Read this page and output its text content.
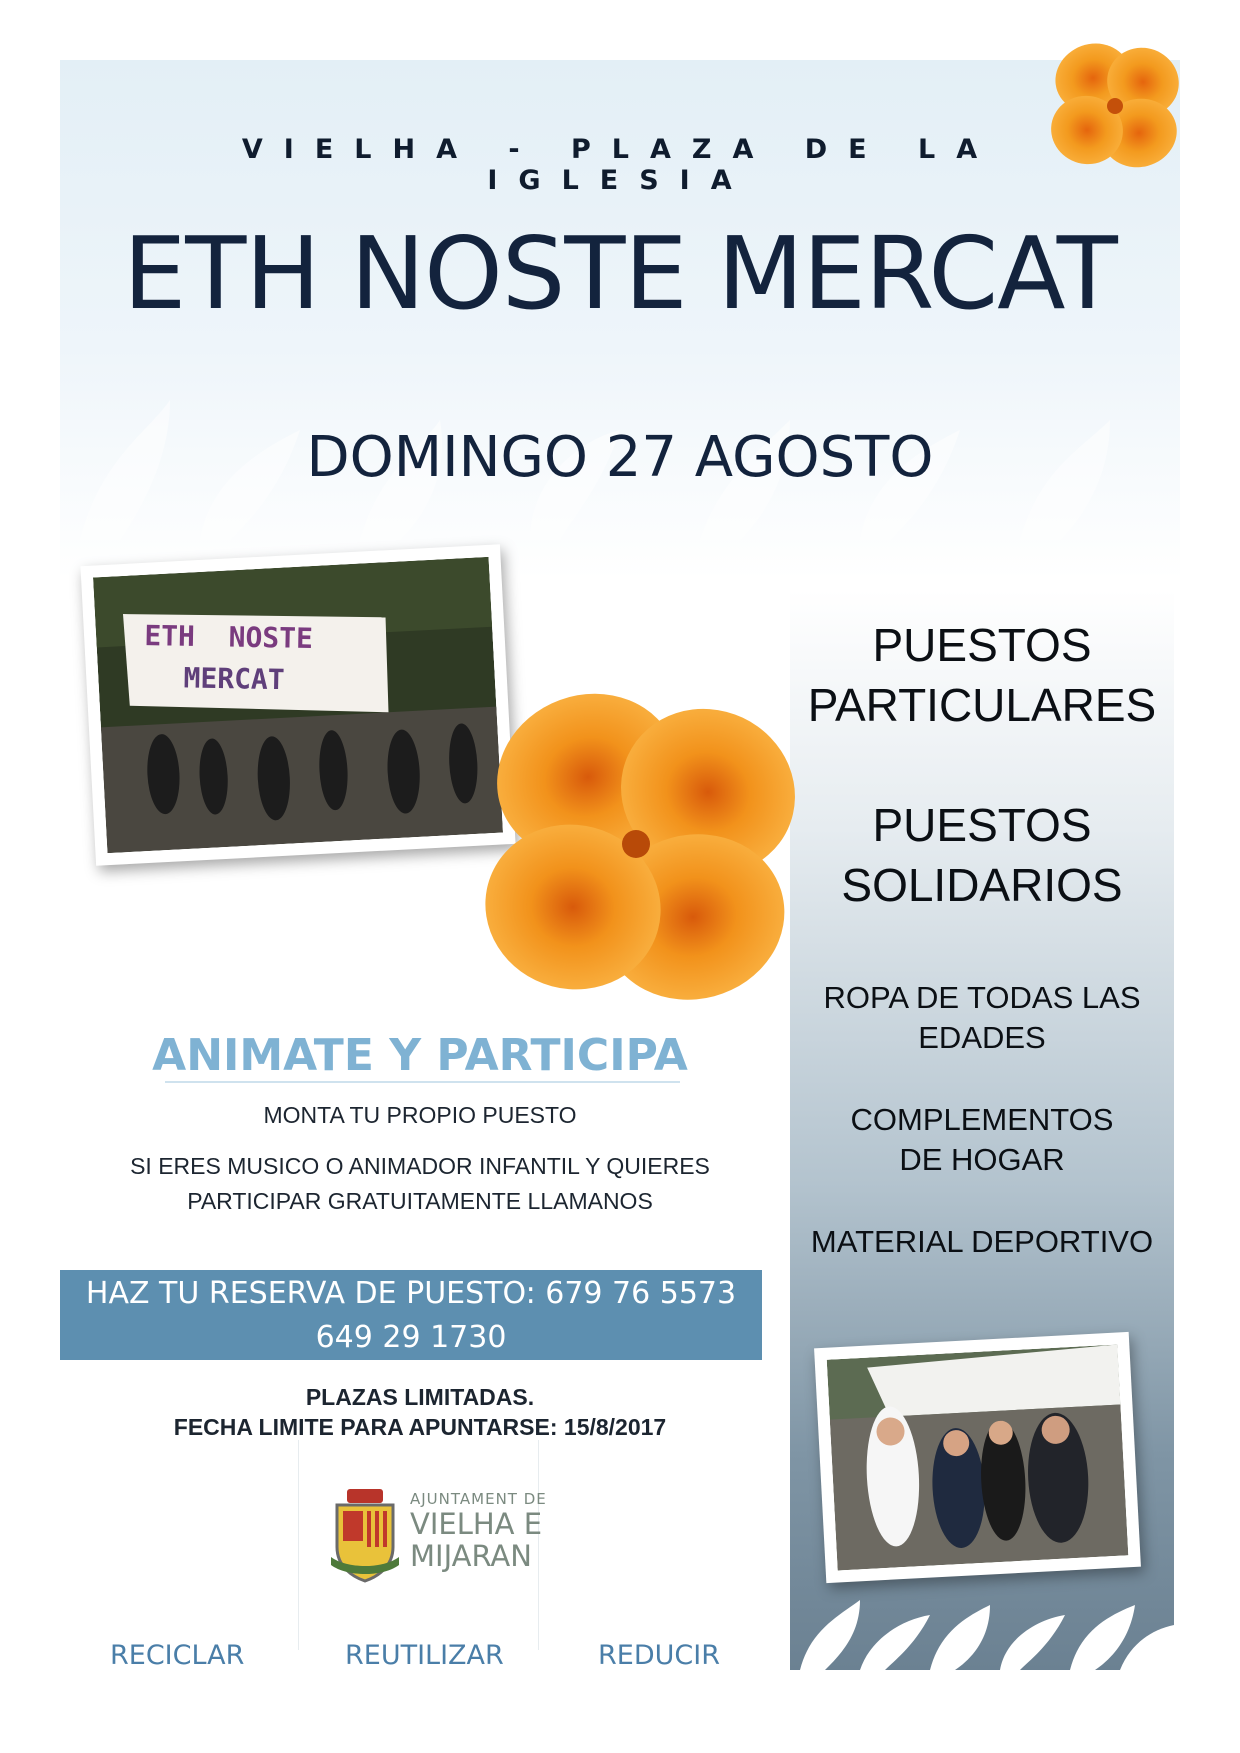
VIELHA - PLAZA DE LA IGLESIA
ETH NOSTE MERCAT
DOMINGO 27 AGOSTO
ETH  NOSTE
MERCAT
PUESTOS
PARTICULARES
PUESTOS
SOLIDARIOS
ROPA DE TODAS LAS
EDADES
COMPLEMENTOS
DE HOGAR
MATERIAL DEPORTIVO
ANIMATE Y PARTICIPA
MONTA TU PROPIO PUESTO
SI ERES MUSICO O ANIMADOR INFANTIL Y QUIERES
PARTICIPAR GRATUITAMENTE LLAMANOS
HAZ TU RESERVA DE PUESTO: 679 76 5573
649 29 1730
PLAZAS LIMITADAS.
FECHA LIMITE PARA APUNTARSE: 15/8/2017
AJUNTAMENT DE
VIELHA E
MIJARAN
RECICLAR	REUTILIZAR	REDUCIR
